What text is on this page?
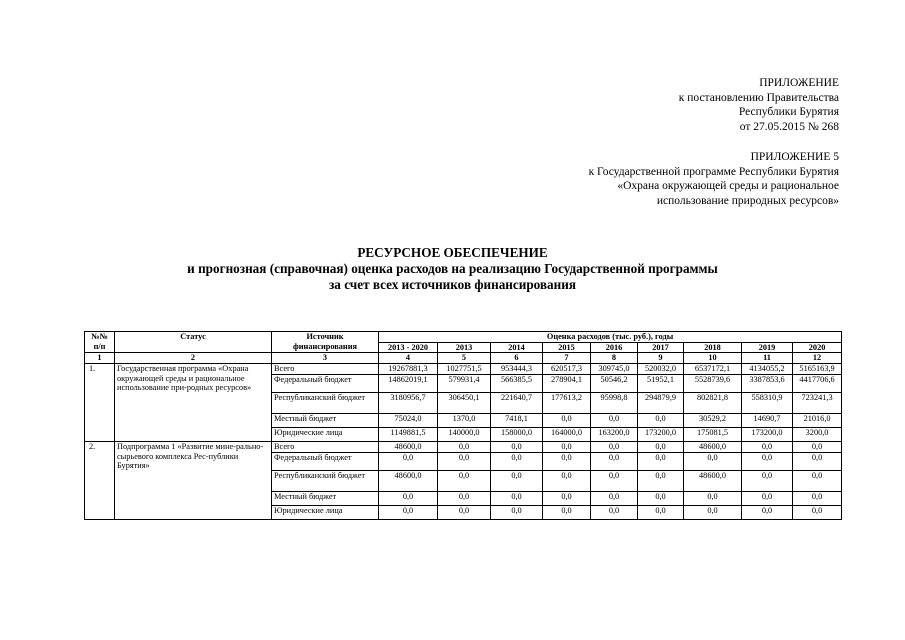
ПРИЛОЖЕНИЕ
к постановлению Правительства
Республики Бурятия
от 27.05.2015 № 268
ПРИЛОЖЕНИЕ 5
к Государственной программе Республики Бурятия
«Охрана окружающей среды и рациональное
использование природных ресурсов»
РЕСУРСНОЕ ОБЕСПЕЧЕНИЕ
и прогнозная (справочная) оценка расходов на реализацию Государственной программы
за счет всех источников финансирования
№№ п/п	Статус	Источник финансирования	Оценка расходов (тыс. руб.), годы								
			2013 - 2020	2013	2014	2015	2016	2017	2018	2019	2020
1	2	3	4	5	6	7	8	9	10	11	12
1.	Государственная программа «Охрана окружающей среды и рациональное использование при-родных ресурсов»	Всего	19267881,3	1027751,5	953444,3	620517,3	309745,0	520032,0	6537172,1	4134055,2	5165163,9
		Федеральный бюджет	14862019,1	579931,4	566385,5	278904,1	50546,2	51952,1	5528739,6	3387853,6	4417706,6
		Республиканский бюджет	3180956,7	306450,1	221640,7	177613,2	95998,8	294879,9	802821,8	558310,9	723241,3
		Местный бюджет	75024,0	1370,0	7418,1	0,0	0,0	0,0	30529,2	14690,7	21016,0
		Юридические лица	1149881,5	140000,0	158000,0	164000,0	163200,0	173200,0	175081,5	173200,0	3200,0
2.	Подпрограмма 1 «Развитие мине-рально-сырьевого комплекса Рес-публики Бурятия»	Всего	48600,0	0,0	0,0	0,0	0,0	0,0	48600,0	0,0	0,0
		Федеральный бюджет	0,0	0,0	0,0	0,0	0,0	0,0	0,0	0,0	0,0
		Республиканский бюджет	48600,0	0,0	0,0	0,0	0,0	0,0	48600,0	0,0	0,0
		Местный бюджет	0,0	0,0	0,0	0,0	0,0	0,0	0,0	0,0	0,0
		Юридические лица	0,0	0,0	0,0	0,0	0,0	0,0	0,0	0,0	0,0
